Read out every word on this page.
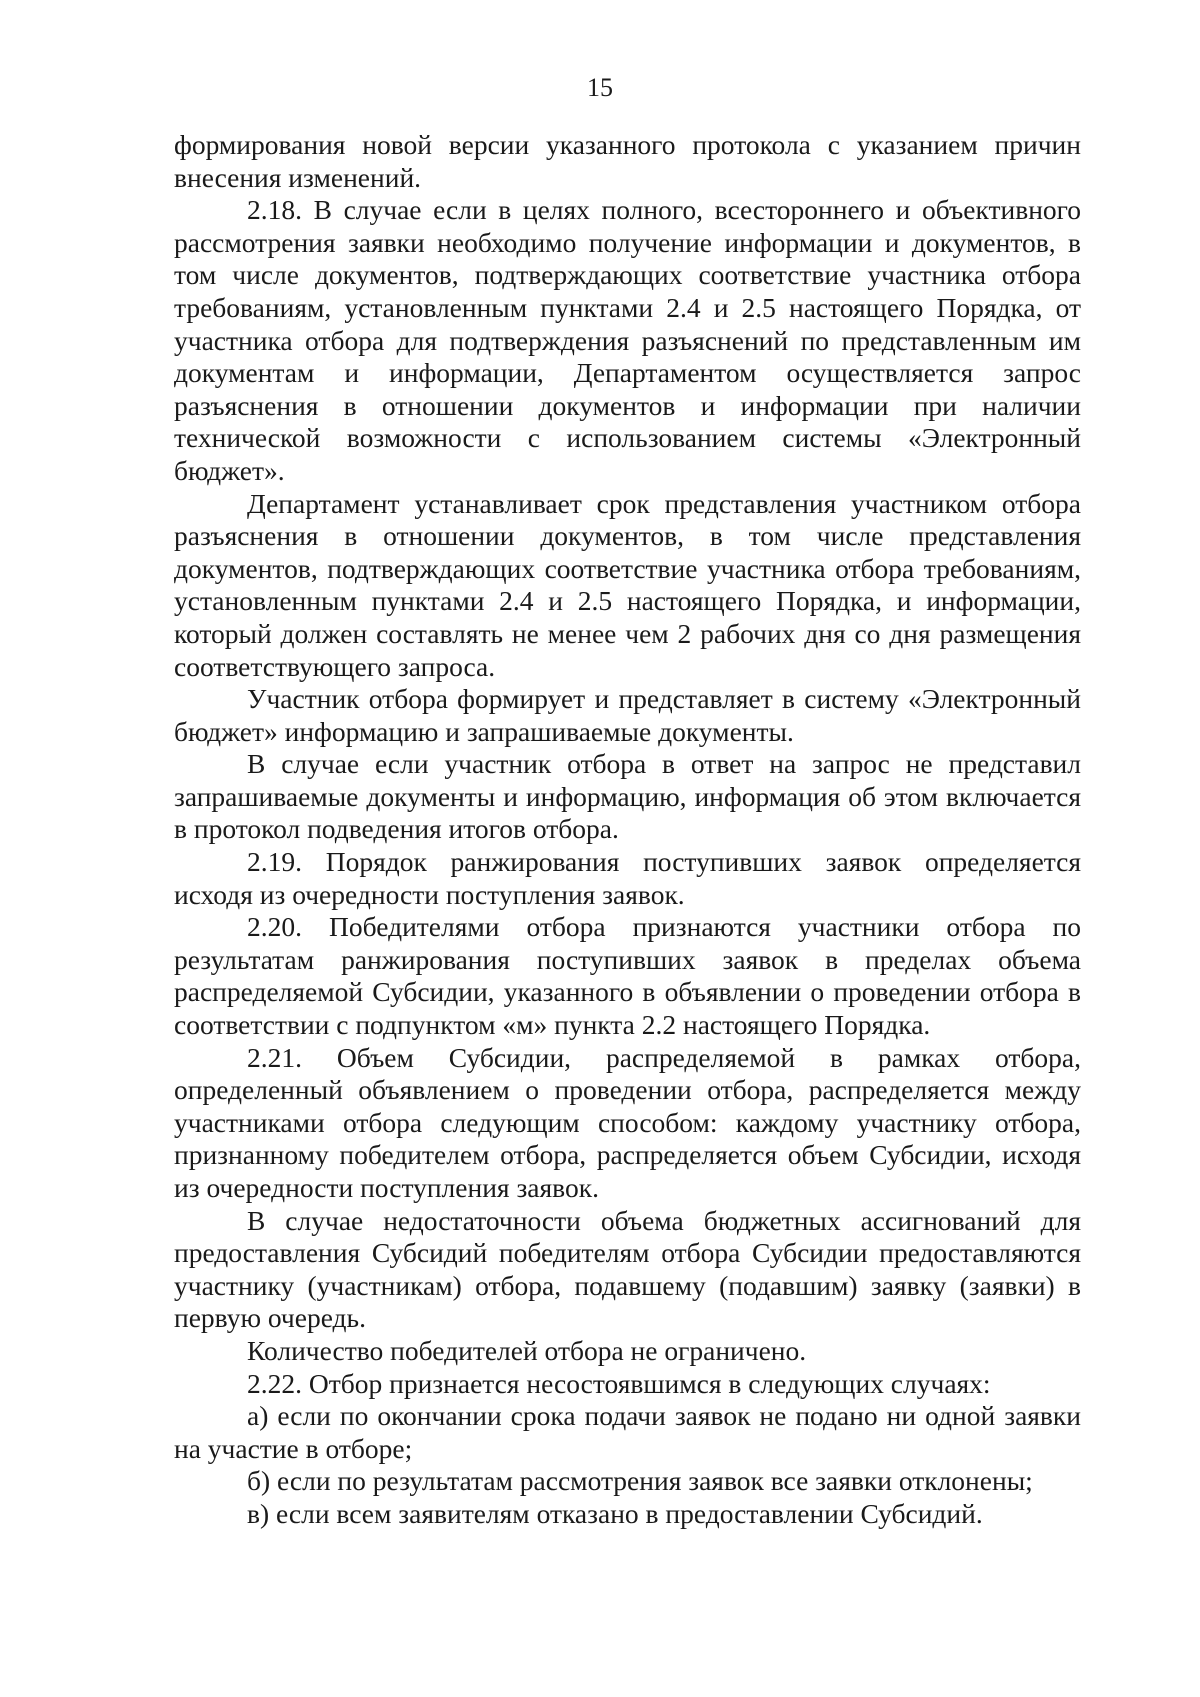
15

формирования новой версии указанного протокола с указанием причин внесения изменений.

2.18. В случае если в целях полного, всестороннего и объективного рассмотрения заявки необходимо получение информации и документов, в том числе документов, подтверждающих соответствие участника отбора требованиям, установленным пунктами 2.4 и 2.5 настоящего Порядка, от участника отбора для подтверждения разъяснений по представленным им документам и информации, Департаментом осуществляется запрос разъяснения в отношении документов и информации при наличии технической возможности с использованием системы «Электронный бюджет».

Департамент устанавливает срок представления участником отбора разъяснения в отношении документов, в том числе представления документов, подтверждающих соответствие участника отбора требованиям, установленным пунктами 2.4 и 2.5 настоящего Порядка, и информации, который должен составлять не менее чем 2 рабочих дня со дня размещения соответствующего запроса.

Участник отбора формирует и представляет в систему «Электронный бюджет» информацию и запрашиваемые документы.

В случае если участник отбора в ответ на запрос не представил запрашиваемые документы и информацию, информация об этом включается в протокол подведения итогов отбора.

2.19. Порядок ранжирования поступивших заявок определяется исходя из очередности поступления заявок.

2.20. Победителями отбора признаются участники отбора по результатам ранжирования поступивших заявок в пределах объема распределяемой Субсидии, указанного в объявлении о проведении отбора в соответствии с подпунктом «м» пункта 2.2 настоящего Порядка.

2.21. Объем Субсидии, распределяемой в рамках отбора, определенный объявлением о проведении отбора, распределяется между участниками отбора следующим способом: каждому участнику отбора, признанному победителем отбора, распределяется объем Субсидии, исходя из очередности поступления заявок.

В случае недостаточности объема бюджетных ассигнований для предоставления Субсидий победителям отбора Субсидии предоставляются участнику (участникам) отбора, подавшему (подавшим) заявку (заявки) в первую очередь.

Количество победителей отбора не ограничено.

2.22. Отбор признается несостоявшимся в следующих случаях:

а) если по окончании срока подачи заявок не подано ни одной заявки на участие в отборе;

б) если по результатам рассмотрения заявок все заявки отклонены;

в) если всем заявителям отказано в предоставлении Субсидий.
